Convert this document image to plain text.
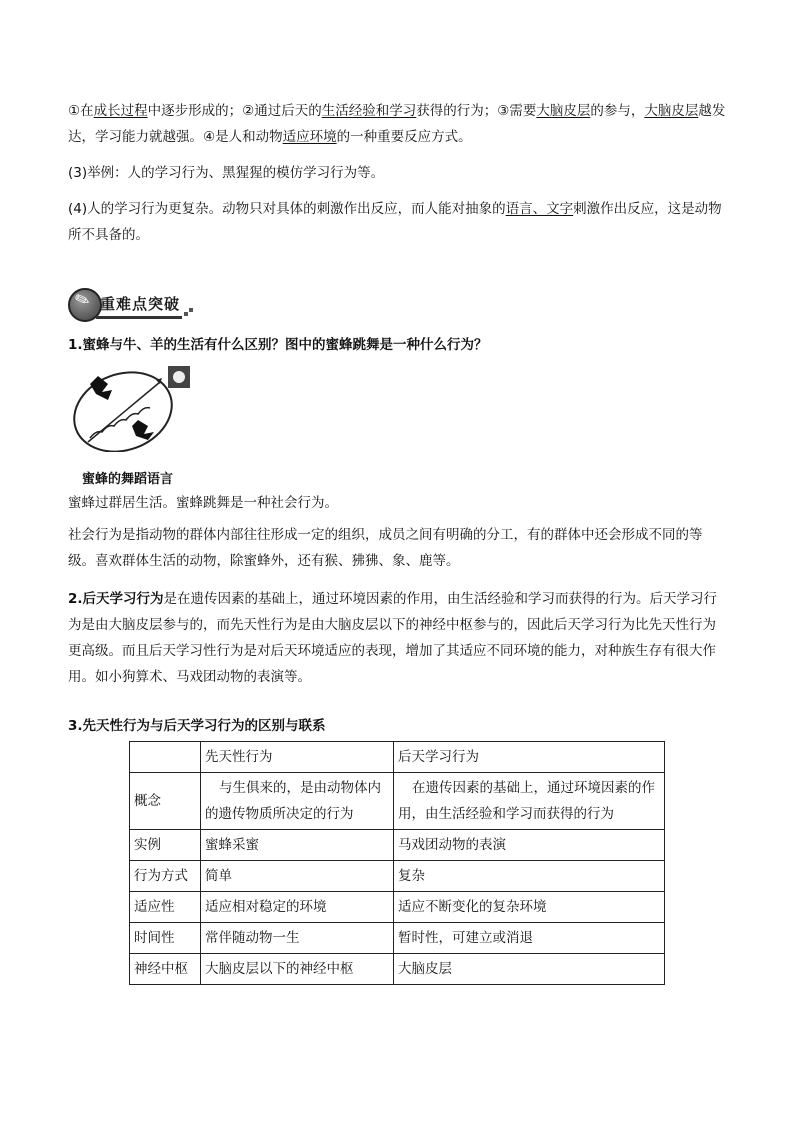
①在成长过程中逐步形成的；②通过后天的生活经验和学习获得的行为；③需要大脑皮层的参与，大脑皮层越发达，学习能力就越强。④是人和动物适应环境的一种重要反应方式。

(3)举例：人的学习行为、黑猩猩的模仿学习行为等。

(4)人的学习行为更复杂。动物只对具体的刺激作出反应，而人能对抽象的语言、文字刺激作出反应，这是动物所不具备的。

✎ 重难点突破

1.蜜蜂与牛、羊的生活有什么区别？图中的蜜蜂跳舞是一种什么行为？

蜜蜂的舞蹈语言

蜜蜂过群居生活。蜜蜂跳舞是一种社会行为。

社会行为是指动物的群体内部往往形成一定的组织，成员之间有明确的分工，有的群体中还会形成不同的等级。喜欢群体生活的动物，除蜜蜂外，还有猴、狒狒、象、鹿等。

2.后天学习行为是在遗传因素的基础上，通过环境因素的作用，由生活经验和学习而获得的行为。后天学习行为是由大脑皮层参与的，而先天性行为是由大脑皮层以下的神经中枢参与的，因此后天学习行为比先天性行为更高级。而且后天学习性行为是对后天环境适应的表现，增加了其适应不同环境的能力，对种族生存有很大作用。如小狗算术、马戏团动物的表演等。

3.先天性行为与后天学习行为的区别与联系

	先天性行为	后天学习行为
概念	与生俱来的，是由动物体内的遗传物质所决定的行为	在遗传因素的基础上，通过环境因素的作用，由生活经验和学习而获得的行为
实例	蜜蜂采蜜	马戏团动物的表演
行为方式	简单	复杂
适应性	适应相对稳定的环境	适应不断变化的复杂环境
时间性	常伴随动物一生	暂时性，可建立或消退
神经中枢	大脑皮层以下的神经中枢	大脑皮层
